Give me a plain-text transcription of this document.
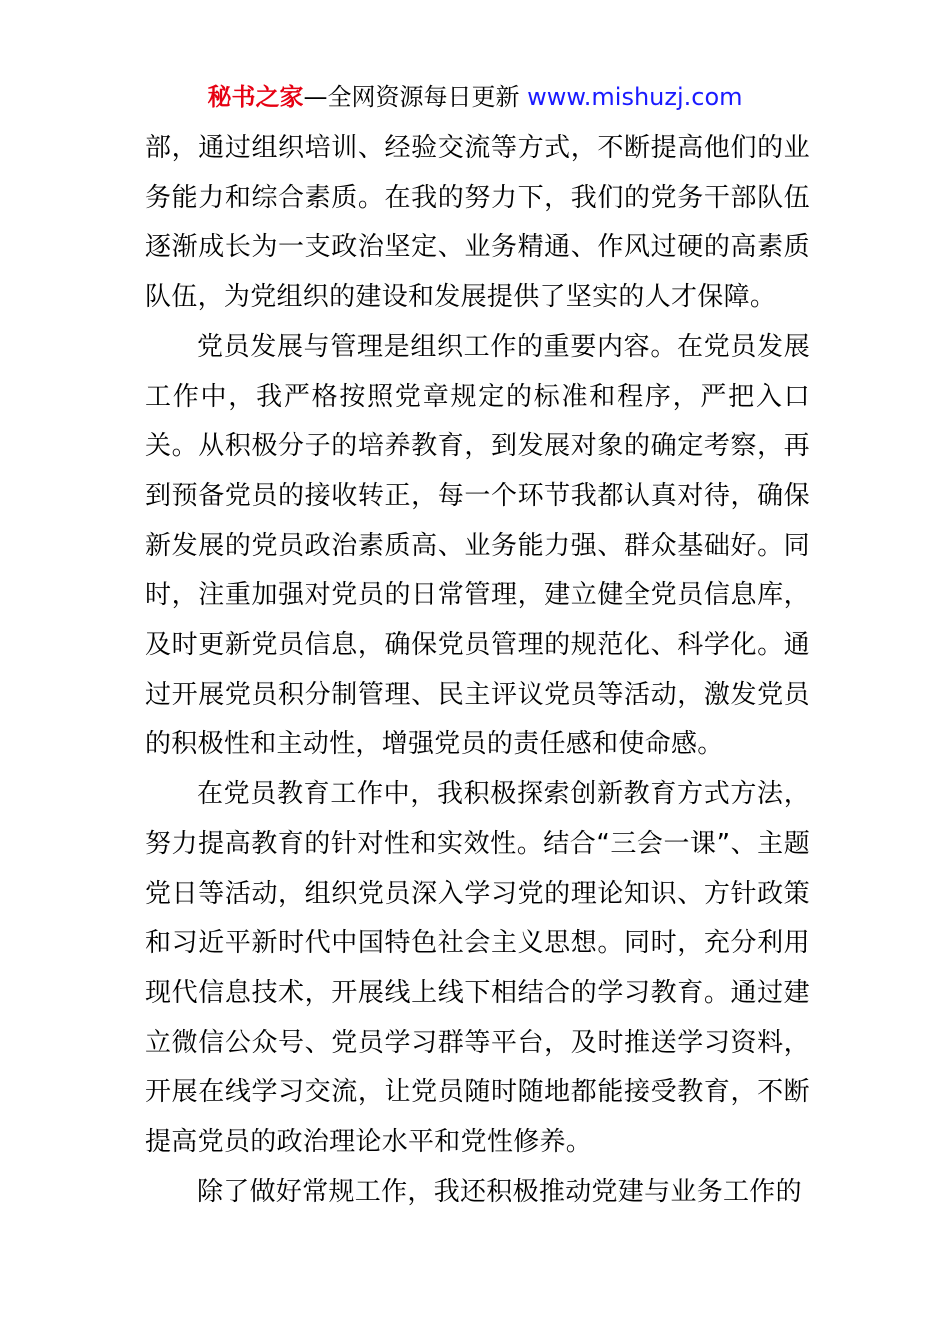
秘书之家—全网资源每日更新 www.mishuzj.com

部，通过组织培训、经验交流等方式，不断提高他们的业务能力和综合素质。在我的努力下，我们的党务干部队伍逐渐成长为一支政治坚定、业务精通、作风过硬的高素质队伍，为党组织的建设和发展提供了坚实的人才保障。

党员发展与管理是组织工作的重要内容。在党员发展工作中，我严格按照党章规定的标准和程序，严把入口关。从积极分子的培养教育，到发展对象的确定考察，再到预备党员的接收转正，每一个环节我都认真对待，确保新发展的党员政治素质高、业务能力强、群众基础好。同时，注重加强对党员的日常管理，建立健全党员信息库，及时更新党员信息，确保党员管理的规范化、科学化。通过开展党员积分制管理、民主评议党员等活动，激发党员的积极性和主动性，增强党员的责任感和使命感。

在党员教育工作中，我积极探索创新教育方式方法，努力提高教育的针对性和实效性。结合“三会一课”、主题党日等活动，组织党员深入学习党的理论知识、方针政策和习近平新时代中国特色社会主义思想。同时，充分利用现代信息技术，开展线上线下相结合的学习教育。通过建立微信公众号、党员学习群等平台，及时推送学习资料，开展在线学习交流，让党员随时随地都能接受教育，不断提高党员的政治理论水平和党性修养。

除了做好常规工作，我还积极推动党建与业务工作的
